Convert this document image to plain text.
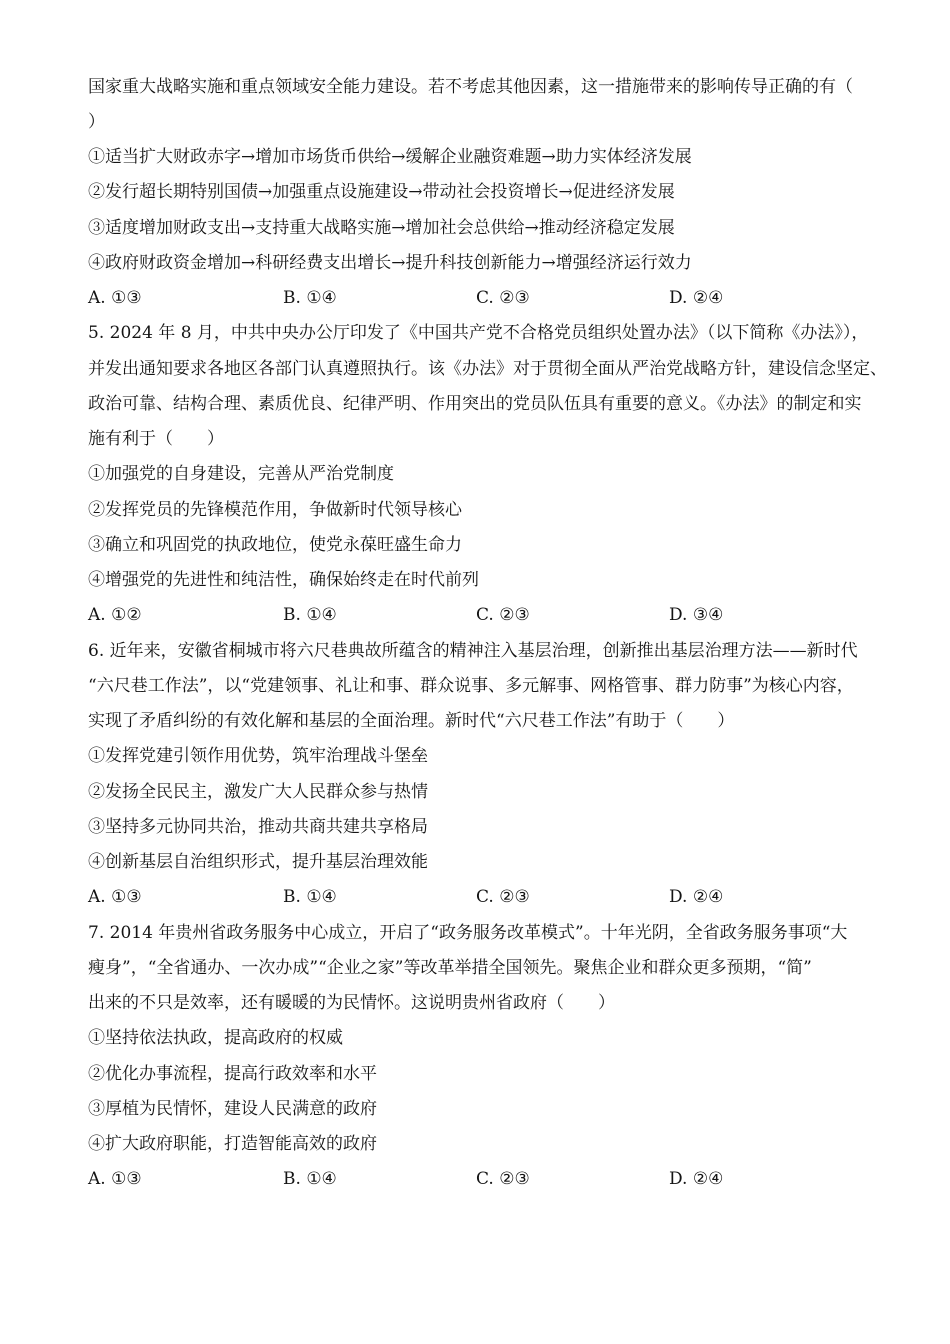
国家重大战略实施和重点领域安全能力建设。若不考虑其他因素，这一措施带来的影响传导正确的有（
）
①适当扩大财政赤字→增加市场货币供给→缓解企业融资难题→助力实体经济发展
②发行超长期特别国债→加强重点设施建设→带动社会投资增长→促进经济发展
③适度增加财政支出→支持重大战略实施→增加社会总供给→推动经济稳定发展
④政府财政资金增加→科研经费支出增长→提升科技创新能力→增强经济运行效力
A. ①③	B. ①④	C. ②③	D. ②④
5. 2024 年 8 月，中共中央办公厅印发了《中国共产党不合格党员组织处置办法》（以下简称《办法》），
并发出通知要求各地区各部门认真遵照执行。该《办法》对于贯彻全面从严治党战略方针，建设信念坚定、
政治可靠、结构合理、素质优良、纪律严明、作用突出的党员队伍具有重要的意义。《办法》的制定和实
施有利于（　　）
①加强党的自身建设，完善从严治党制度
②发挥党员的先锋模范作用，争做新时代领导核心
③确立和巩固党的执政地位，使党永葆旺盛生命力
④增强党的先进性和纯洁性，确保始终走在时代前列
A. ①②	B. ①④	C. ②③	D. ③④
6. 近年来，安徽省桐城市将六尺巷典故所蕴含的精神注入基层治理，创新推出基层治理方法——新时代
“六尺巷工作法”，以“党建领事、礼让和事、群众说事、多元解事、网格管事、群力防事”为核心内容，
实现了矛盾纠纷的有效化解和基层的全面治理。新时代“六尺巷工作法”有助于（　　）
①发挥党建引领作用优势，筑牢治理战斗堡垒
②发扬全民民主，激发广大人民群众参与热情
③坚持多元协同共治，推动共商共建共享格局
④创新基层自治组织形式，提升基层治理效能
A. ①③	B. ①④	C. ②③	D. ②④
7. 2014 年贵州省政务服务中心成立，开启了“政务服务改革模式”。十年光阴，全省政务服务事项“大
瘦身”，“全省通办、一次办成”“企业之家”等改革举措全国领先。聚焦企业和群众更多预期，“简”
出来的不只是效率，还有暖暖的为民情怀。这说明贵州省政府（　　）
①坚持依法执政，提高政府的权威
②优化办事流程，提高行政效率和水平
③厚植为民情怀，建设人民满意的政府
④扩大政府职能，打造智能高效的政府
A. ①③	B. ①④	C. ②③	D. ②④
